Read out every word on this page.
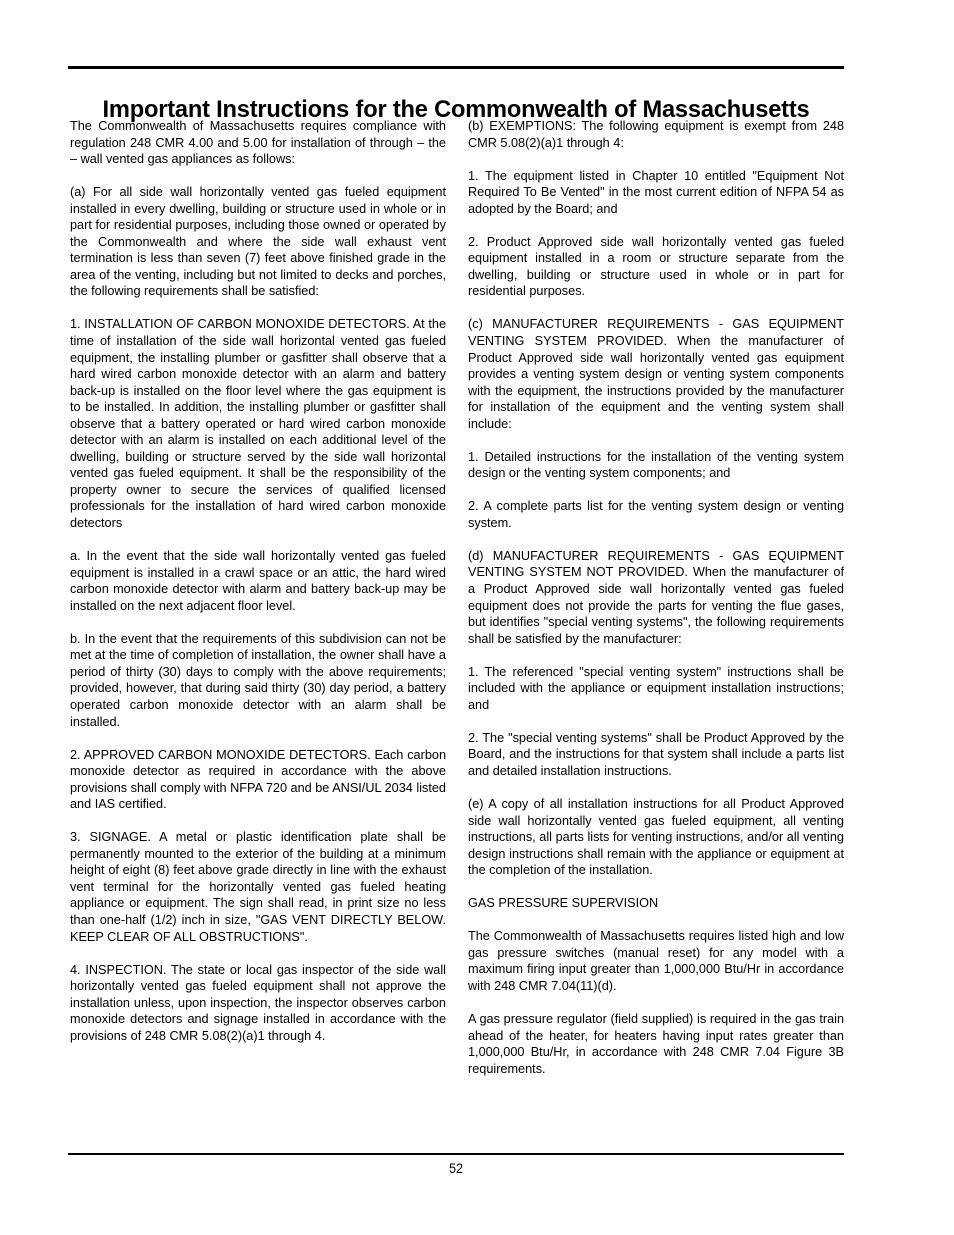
Important Instructions for the Commonwealth of Massachusetts

The Commonwealth of Massachusetts requires compliance with regulation 248 CMR 4.00 and 5.00 for installation of through – the – wall vented gas appliances as follows:

(a) For all side wall horizontally vented gas fueled equipment installed in every dwelling, building or structure used in whole or in part for residential purposes, including those owned or operated by the Commonwealth and where the side wall exhaust vent termination is less than seven (7) feet above finished grade in the area of the venting, including but not limited to decks and porches, the following requirements shall be satisfied:

1. INSTALLATION OF CARBON MONOXIDE DETECTORS. At the time of installation of the side wall horizontal vented gas fueled equipment, the installing plumber or gasfitter shall observe that a hard wired carbon monoxide detector with an alarm and battery back-up is installed on the floor level where the gas equipment is to be installed. In addition, the installing plumber or gasfitter shall observe that a battery operated or hard wired carbon monoxide detector with an alarm is installed on each additional level of the dwelling, building or structure served by the side wall horizontal vented gas fueled equipment. It shall be the responsibility of the property owner to secure the services of qualified licensed professionals for the installation of hard wired carbon monoxide detectors

a. In the event that the side wall horizontally vented gas fueled equipment is installed in a crawl space or an attic, the hard wired carbon monoxide detector with alarm and battery back-up may be installed on the next adjacent floor level.

b. In the event that the requirements of this subdivision can not be met at the time of completion of installation, the owner shall have a period of thirty (30) days to comply with the above requirements; provided, however, that during said thirty (30) day period, a battery operated carbon monoxide detector with an alarm shall be installed.

2. APPROVED CARBON MONOXIDE DETECTORS. Each carbon monoxide detector as required in accordance with the above provisions shall comply with NFPA 720 and be ANSI/UL 2034 listed and IAS certified.

3. SIGNAGE. A metal or plastic identification plate shall be permanently mounted to the exterior of the building at a minimum height of eight (8) feet above grade directly in line with the exhaust vent terminal for the horizontally vented gas fueled heating appliance or equipment. The sign shall read, in print size no less than one-half (1/2) inch in size, "GAS VENT DIRECTLY BELOW. KEEP CLEAR OF ALL OBSTRUCTIONS".

4. INSPECTION. The state or local gas inspector of the side wall horizontally vented gas fueled equipment shall not approve the installation unless, upon inspection, the inspector observes carbon monoxide detectors and signage installed in accordance with the provisions of 248 CMR 5.08(2)(a)1 through 4.

(b) EXEMPTIONS: The following equipment is exempt from 248 CMR 5.08(2)(a)1 through 4:

1. The equipment listed in Chapter 10 entitled "Equipment Not Required To Be Vented" in the most current edition of NFPA 54 as adopted by the Board; and

2. Product Approved side wall horizontally vented gas fueled equipment installed in a room or structure separate from the dwelling, building or structure used in whole or in part for residential purposes.

(c) MANUFACTURER REQUIREMENTS - GAS EQUIPMENT VENTING SYSTEM PROVIDED. When the manufacturer of Product Approved side wall horizontally vented gas equipment provides a venting system design or venting system components with the equipment, the instructions provided by the manufacturer for installation of the equipment and the venting system shall include:

1. Detailed instructions for the installation of the venting system design or the venting system components; and

2. A complete parts list for the venting system design or venting system.

(d) MANUFACTURER REQUIREMENTS - GAS EQUIPMENT VENTING SYSTEM NOT PROVIDED. When the manufacturer of a Product Approved side wall horizontally vented gas fueled equipment does not provide the parts for venting the flue gases, but identifies "special venting systems", the following requirements shall be satisfied by the manufacturer:

1. The referenced "special venting system" instructions shall be included with the appliance or equipment installation instructions; and

2. The "special venting systems" shall be Product Approved by the Board, and the instructions for that system shall include a parts list and detailed installation instructions.

(e) A copy of all installation instructions for all Product Approved side wall horizontally vented gas fueled equipment, all venting instructions, all parts lists for venting instructions, and/or all venting design instructions shall remain with the appliance or equipment at the completion of the installation.

GAS PRESSURE SUPERVISION

The Commonwealth of Massachusetts requires listed high and low gas pressure switches (manual reset) for any model with a maximum firing input greater than 1,000,000 Btu/Hr in accordance with 248 CMR 7.04(11)(d).

A gas pressure regulator (field supplied) is required in the gas train ahead of the heater, for heaters having input rates greater than 1,000,000 Btu/Hr, in accordance with 248 CMR 7.04 Figure 3B requirements.

52
